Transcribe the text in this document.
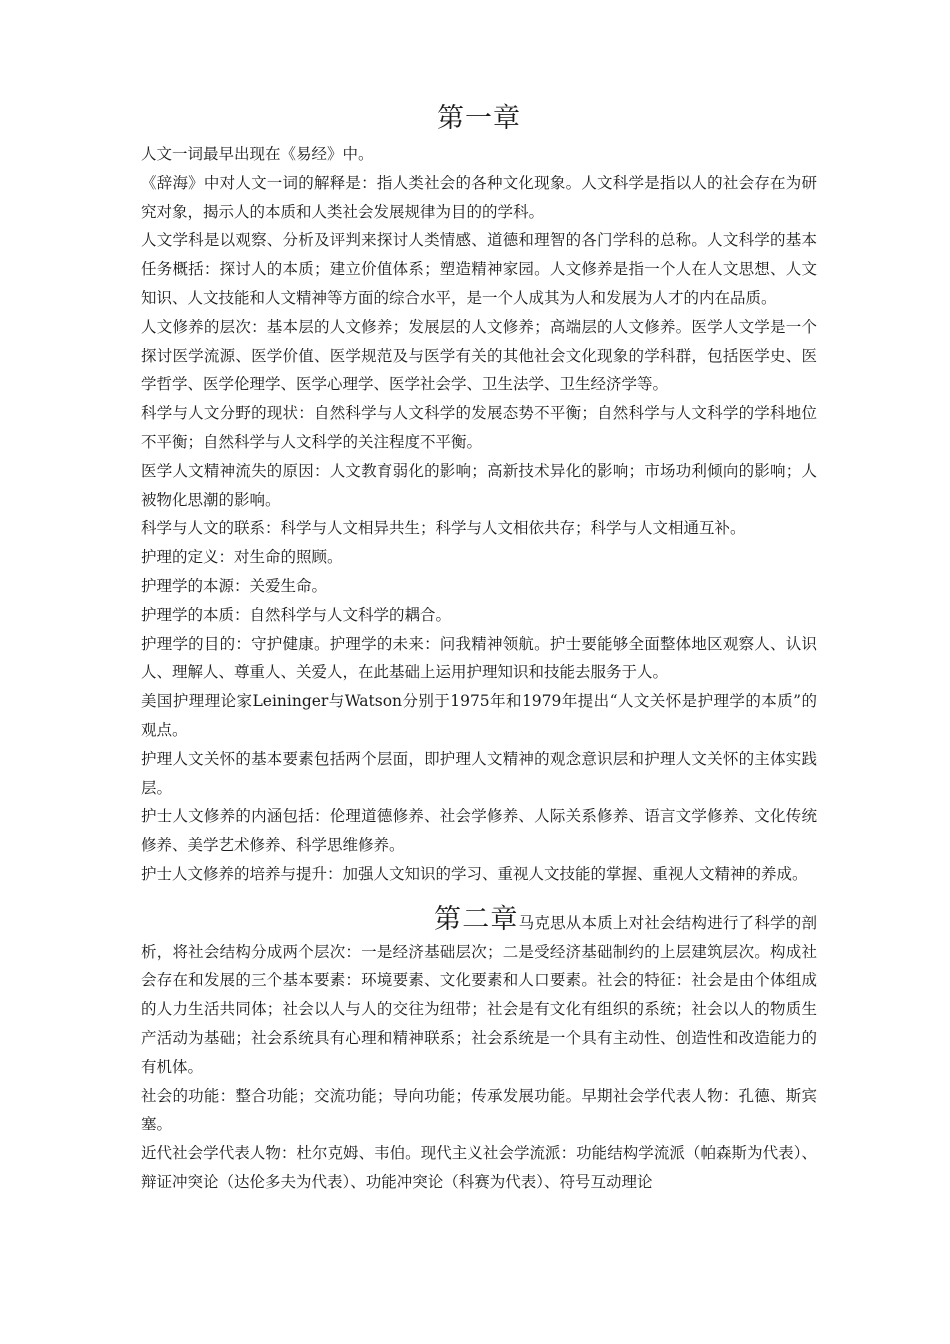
第一章

人文一词最早出现在《易经》中。

《辞海》中对人文一词的解释是：指人类社会的各种文化现象。人文科学是指以人的社会存在为研究对象，揭示人的本质和人类社会发展规律为目的的学科。

人文学科是以观察、分析及评判来探讨人类情感、道德和理智的各门学科的总称。人文科学的基本任务概括：探讨人的本质；建立价值体系；塑造精神家园。人文修养是指一个人在人文思想、人文知识、人文技能和人文精神等方面的综合水平，是一个人成其为人和发展为人才的内在品质。

人文修养的层次：基本层的人文修养；发展层的人文修养；高端层的人文修养。医学人文学是一个探讨医学流源、医学价值、医学规范及与医学有关的其他社会文化现象的学科群，包括医学史、医学哲学、医学伦理学、医学心理学、医学社会学、卫生法学、卫生经济学等。

科学与人文分野的现状：自然科学与人文科学的发展态势不平衡；自然科学与人文科学的学科地位不平衡；自然科学与人文科学的关注程度不平衡。

医学人文精神流失的原因：人文教育弱化的影响；高新技术异化的影响；市场功利倾向的影响；人被物化思潮的影响。

科学与人文的联系：科学与人文相异共生；科学与人文相依共存；科学与人文相通互补。

护理的定义：对生命的照顾。

护理学的本源：关爱生命。

护理学的本质：自然科学与人文科学的耦合。

护理学的目的：守护健康。护理学的未来：问我精神领航。护士要能够全面整体地区观察人、认识人、理解人、尊重人、关爱人，在此基础上运用护理知识和技能去服务于人。

美国护理理论家Leininger与Watson分别于1975年和1979年提出“人文关怀是护理学的本质”的观点。

护理人文关怀的基本要素包括两个层面，即护理人文精神的观念意识层和护理人文关怀的主体实践层。

护士人文修养的内涵包括：伦理道德修养、社会学修养、人际关系修养、语言文学修养、文化传统修养、美学艺术修养、科学思维修养。

护士人文修养的培养与提升：加强人文知识的学习、重视人文技能的掌握、重视人文精神的养成。

第二章马克思从本质上对社会结构进行了科学的剖析，将社会结构分成两个层次：一是经济基础层次；二是受经济基础制约的上层建筑层次。构成社会存在和发展的三个基本要素：环境要素、文化要素和人口要素。社会的特征：社会是由个体组成的人力生活共同体；社会以人与人的交往为纽带；社会是有文化有组织的系统；社会以人的物质生产活动为基础；社会系统具有心理和精神联系；社会系统是一个具有主动性、创造性和改造能力的有机体。

社会的功能：整合功能；交流功能；导向功能；传承发展功能。早期社会学代表人物：孔德、斯宾塞。

近代社会学代表人物：杜尔克姆、韦伯。现代主义社会学流派：功能结构学流派（帕森斯为代表）、辩证冲突论（达伦多夫为代表）、功能冲突论（科赛为代表）、符号互动理论
